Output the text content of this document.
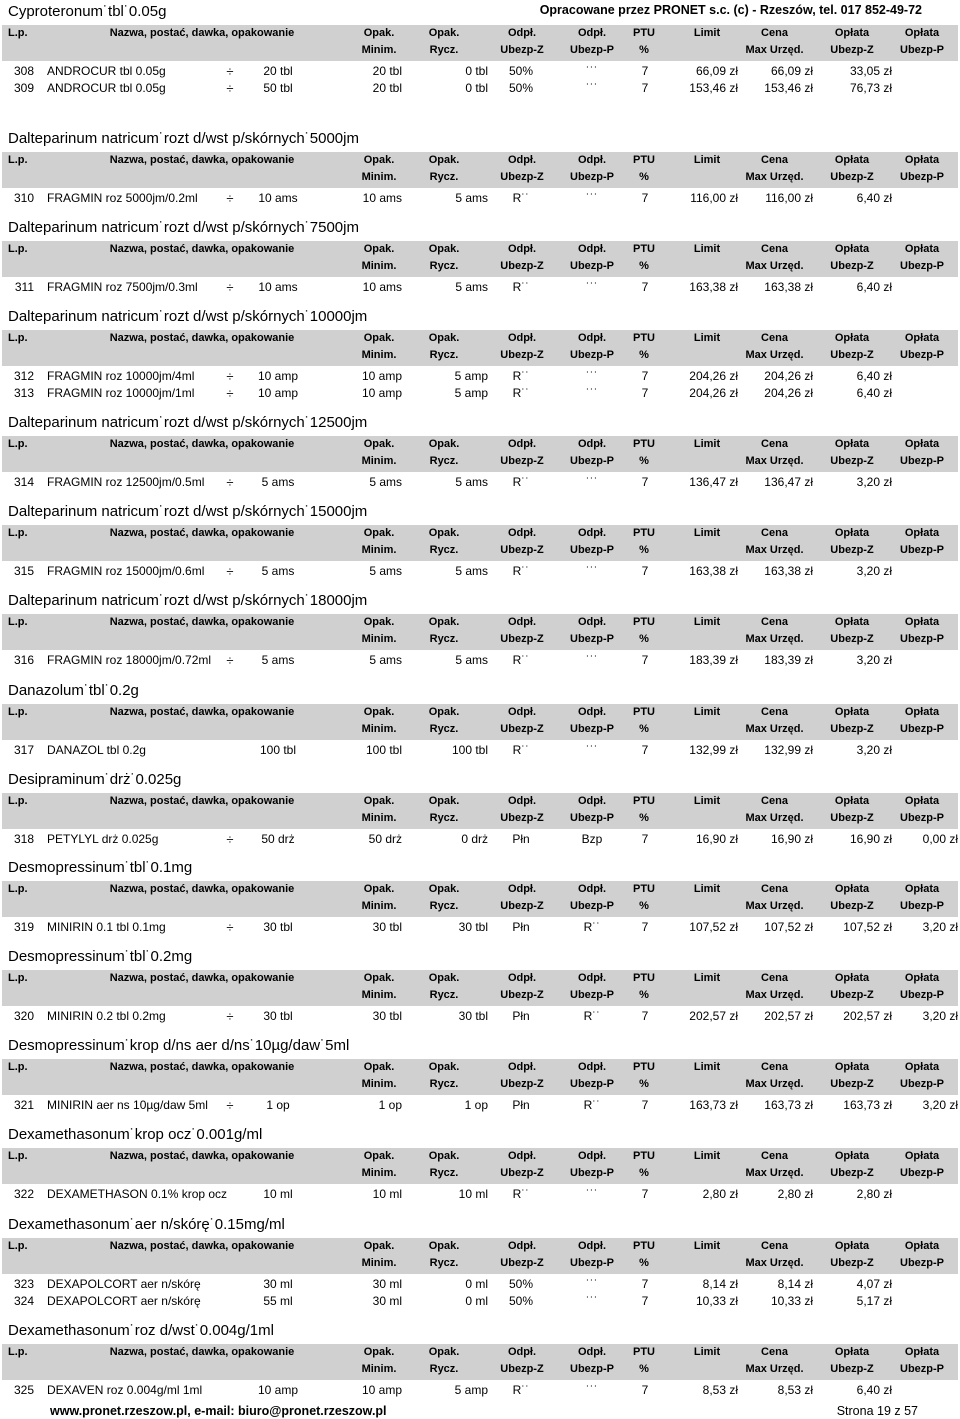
Opracowane przez PRONET s.c. (c) - Rzeszów, tel. 017 852-49-72
www.pronet.rzeszow.pl, e-mail: biuro@pronet.rzeszow.pl	Strona 19 z 57
Cyproteronum˙tbl˙0.05g
L.p.	Nazwa, postać, dawka, opakowanie	Opak.	Opak.	Odpł.	Odpł.	PTU	Limit	Cena	Opłata	Opłata
Minim.	Rycz.	Ubezp-Z	Ubezp-P	%	Max Urzęd.	Ubezp-Z	Ubezp-P
308 ANDROCUR tbl 0.05g	÷	20 tbl	20 tbl	0 tbl	50%	˙˙˙	7	66,09 zł	66,09 zł	33,05 zł
309 ANDROCUR tbl 0.05g	÷	50 tbl	20 tbl	0 tbl	50%	˙˙˙	7	153,46 zł	153,46 zł	76,73 zł
Dalteparinum natricum˙rozt d/wst p/skórnych˙5000jm
L.p.	Nazwa, postać, dawka, opakowanie	Opak.	Opak.	Odpł.	Odpł.	PTU	Limit	Cena	Opłata	Opłata
Minim.	Rycz.	Ubezp-Z	Ubezp-P	%	Max Urzęd.	Ubezp-Z	Ubezp-P
310 FRAGMIN roz 5000jm/0.2ml	÷	10 ams	10 ams	5 ams	R˙˙	˙˙˙	7	116,00 zł	116,00 zł	6,40 zł
Dalteparinum natricum˙rozt d/wst p/skórnych˙7500jm
L.p.	Nazwa, postać, dawka, opakowanie	Opak.	Opak.	Odpł.	Odpł.	PTU	Limit	Cena	Opłata	Opłata
Minim.	Rycz.	Ubezp-Z	Ubezp-P	%	Max Urzęd.	Ubezp-Z	Ubezp-P
311 FRAGMIN roz 7500jm/0.3ml	÷	10 ams	10 ams	5 ams	R˙˙	˙˙˙	7	163,38 zł	163,38 zł	6,40 zł
Dalteparinum natricum˙rozt d/wst p/skórnych˙10000jm
L.p.	Nazwa, postać, dawka, opakowanie	Opak.	Opak.	Odpł.	Odpł.	PTU	Limit	Cena	Opłata	Opłata
Minim.	Rycz.	Ubezp-Z	Ubezp-P	%	Max Urzęd.	Ubezp-Z	Ubezp-P
312 FRAGMIN roz 10000jm/4ml	÷	10 amp	10 amp	5 amp	R˙˙	˙˙˙	7	204,26 zł	204,26 zł	6,40 zł
313 FRAGMIN roz 10000jm/1ml	÷	10 amp	10 amp	5 amp	R˙˙	˙˙˙	7	204,26 zł	204,26 zł	6,40 zł
Dalteparinum natricum˙rozt d/wst p/skórnych˙12500jm
L.p.	Nazwa, postać, dawka, opakowanie	Opak.	Opak.	Odpł.	Odpł.	PTU	Limit	Cena	Opłata	Opłata
Minim.	Rycz.	Ubezp-Z	Ubezp-P	%	Max Urzęd.	Ubezp-Z	Ubezp-P
314 FRAGMIN roz 12500jm/0.5ml	÷	5 ams	5 ams	5 ams	R˙˙	˙˙˙	7	136,47 zł	136,47 zł	3,20 zł
Dalteparinum natricum˙rozt d/wst p/skórnych˙15000jm
L.p.	Nazwa, postać, dawka, opakowanie	Opak.	Opak.	Odpł.	Odpł.	PTU	Limit	Cena	Opłata	Opłata
Minim.	Rycz.	Ubezp-Z	Ubezp-P	%	Max Urzęd.	Ubezp-Z	Ubezp-P
315 FRAGMIN roz 15000jm/0.6ml	÷	5 ams	5 ams	5 ams	R˙˙	˙˙˙	7	163,38 zł	163,38 zł	3,20 zł
Dalteparinum natricum˙rozt d/wst p/skórnych˙18000jm
L.p.	Nazwa, postać, dawka, opakowanie	Opak.	Opak.	Odpł.	Odpł.	PTU	Limit	Cena	Opłata	Opłata
Minim.	Rycz.	Ubezp-Z	Ubezp-P	%	Max Urzęd.	Ubezp-Z	Ubezp-P
316 FRAGMIN roz 18000jm/0.72ml	÷	5 ams	5 ams	5 ams	R˙˙	˙˙˙	7	183,39 zł	183,39 zł	3,20 zł
Danazolum˙tbl˙0.2g
L.p.	Nazwa, postać, dawka, opakowanie	Opak.	Opak.	Odpł.	Odpł.	PTU	Limit	Cena	Opłata	Opłata
Minim.	Rycz.	Ubezp-Z	Ubezp-P	%	Max Urzęd.	Ubezp-Z	Ubezp-P
317 DANAZOL tbl 0.2g	100 tbl	100 tbl	100 tbl	R˙˙	˙˙˙	7	132,99 zł	132,99 zł	3,20 zł
Desipraminum˙drż˙0.025g
L.p.	Nazwa, postać, dawka, opakowanie	Opak.	Opak.	Odpł.	Odpł.	PTU	Limit	Cena	Opłata	Opłata
Minim.	Rycz.	Ubezp-Z	Ubezp-P	%	Max Urzęd.	Ubezp-Z	Ubezp-P
318 PETYLYL drż 0.025g	÷	50 drż	50 drż	0 drż	Płn	Bzp	7	16,90 zł	16,90 zł	16,90 zł	0,00 zł
Desmopressinum˙tbl˙0.1mg
L.p.	Nazwa, postać, dawka, opakowanie	Opak.	Opak.	Odpł.	Odpł.	PTU	Limit	Cena	Opłata	Opłata
Minim.	Rycz.	Ubezp-Z	Ubezp-P	%	Max Urzęd.	Ubezp-Z	Ubezp-P
319 MINIRIN 0.1 tbl 0.1mg	÷	30 tbl	30 tbl	30 tbl	Płn	R˙˙	7	107,52 zł	107,52 zł	107,52 zł	3,20 zł
Desmopressinum˙tbl˙0.2mg
L.p.	Nazwa, postać, dawka, opakowanie	Opak.	Opak.	Odpł.	Odpł.	PTU	Limit	Cena	Opłata	Opłata
Minim.	Rycz.	Ubezp-Z	Ubezp-P	%	Max Urzęd.	Ubezp-Z	Ubezp-P
320 MINIRIN 0.2 tbl 0.2mg	÷	30 tbl	30 tbl	30 tbl	Płn	R˙˙	7	202,57 zł	202,57 zł	202,57 zł	3,20 zł
Desmopressinum˙krop d/ns aer d/ns˙10µg/daw˙5ml
L.p.	Nazwa, postać, dawka, opakowanie	Opak.	Opak.	Odpł.	Odpł.	PTU	Limit	Cena	Opłata	Opłata
Minim.	Rycz.	Ubezp-Z	Ubezp-P	%	Max Urzęd.	Ubezp-Z	Ubezp-P
321 MINIRIN aer ns 10µg/daw 5ml	÷	1 op	1 op	1 op	Płn	R˙˙	7	163,73 zł	163,73 zł	163,73 zł	3,20 zł
Dexamethasonum˙krop ocz˙0.001g/ml
L.p.	Nazwa, postać, dawka, opakowanie	Opak.	Opak.	Odpł.	Odpł.	PTU	Limit	Cena	Opłata	Opłata
Minim.	Rycz.	Ubezp-Z	Ubezp-P	%	Max Urzęd.	Ubezp-Z	Ubezp-P
322 DEXAMETHASON 0.1% krop ocz	10 ml	10 ml	10 ml	R˙˙	˙˙˙	7	2,80 zł	2,80 zł	2,80 zł
Dexamethasonum˙aer n/skórę˙0.15mg/ml
L.p.	Nazwa, postać, dawka, opakowanie	Opak.	Opak.	Odpł.	Odpł.	PTU	Limit	Cena	Opłata	Opłata
Minim.	Rycz.	Ubezp-Z	Ubezp-P	%	Max Urzęd.	Ubezp-Z	Ubezp-P
323 DEXAPOLCORT aer n/skórę	30 ml	30 ml	0 ml	50%	˙˙˙	7	8,14 zł	8,14 zł	4,07 zł
324 DEXAPOLCORT aer n/skórę	55 ml	30 ml	0 ml	50%	˙˙˙	7	10,33 zł	10,33 zł	5,17 zł
Dexamethasonum˙roz d/wst˙0.004g/1ml
L.p.	Nazwa, postać, dawka, opakowanie	Opak.	Opak.	Odpł.	Odpł.	PTU	Limit	Cena	Opłata	Opłata
Minim.	Rycz.	Ubezp-Z	Ubezp-P	%	Max Urzęd.	Ubezp-Z	Ubezp-P
325 DEXAVEN roz 0.004g/ml 1ml	10 amp	10 amp	5 amp	R˙˙	˙˙˙	7	8,53 zł	8,53 zł	6,40 zł
